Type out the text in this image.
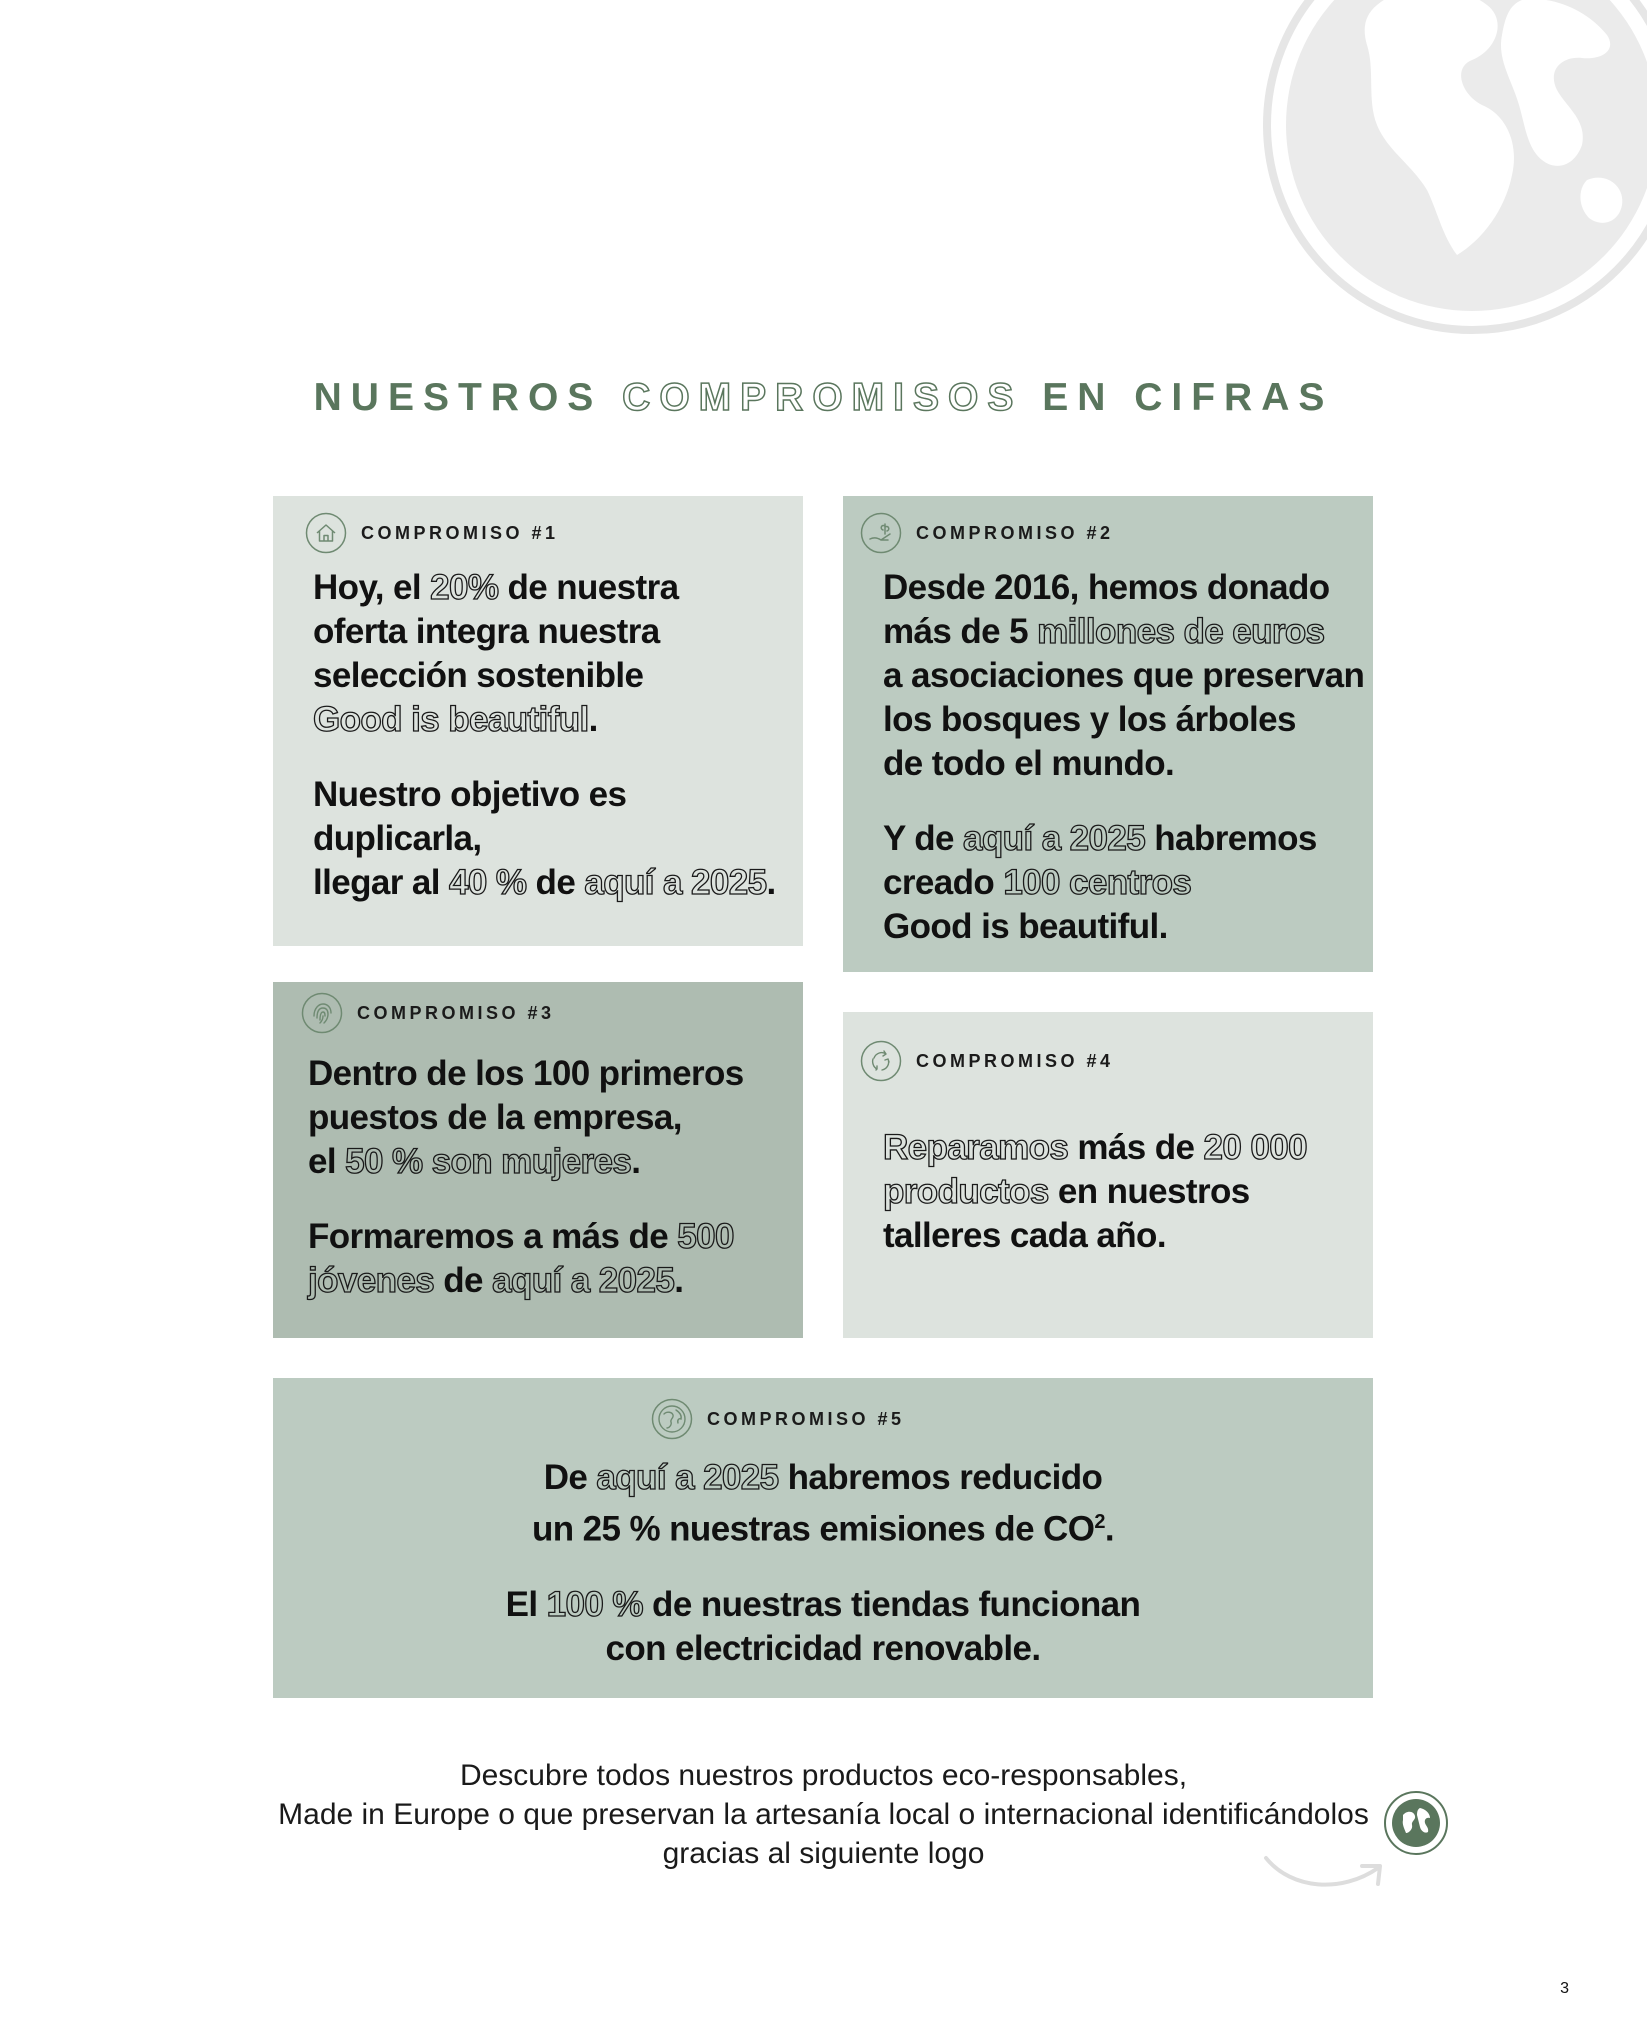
NUESTROS COMPROMISOS EN CIFRAS
COMPROMISO #1

Hoy, el 20% de nuestra
oferta integra nuestra
selección sostenible
Good is beautiful.

Nuestro objetivo es duplicarla,
llegar al 40 % de aquí a 2025.

COMPROMISO #2

Desde 2016, hemos donado
más de 5 millones de euros
a asociaciones que preservan
los bosques y los árboles
de todo el mundo.

Y de aquí a 2025 habremos
creado 100 centros
Good is beautiful.

COMPROMISO #3

Dentro de los 100 primeros
puestos de la empresa,
el 50 % son mujeres.

Formaremos a más de 500
jóvenes de aquí a 2025.

COMPROMISO #4

Reparamos más de 20 000
productos en nuestros
talleres cada año.

COMPROMISO #5

De aquí a 2025 habremos reducido
un 25 % nuestras emisiones de $CO^2$.

El 100 % de nuestras tiendas funcionan
con electricidad renovable.

Descubre todos nuestros productos eco-responsables,
Made in Europe o que preservan la artesanía local o internacional identificándolos
gracias al siguiente logo
3
